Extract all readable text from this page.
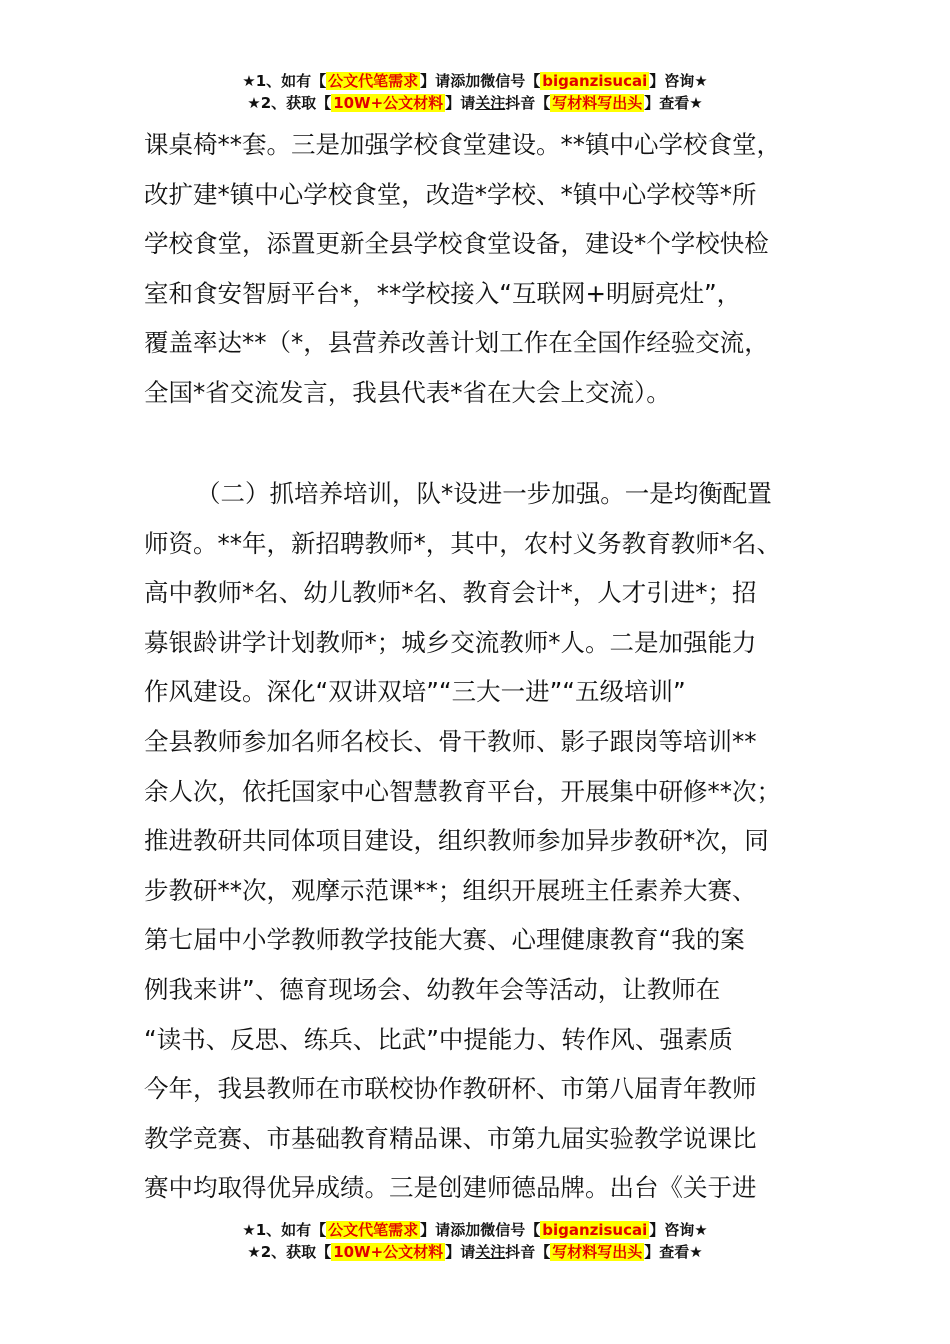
★1、如有【 公文代笔需求 】请添加微信号【 biganzisucai 】咨询★
★2、获取【 10W+公文材料 】请关注抖音【 写材料写出头 】查看★
课桌椅**套。三是加强学校食堂建设。**镇中心学校食堂，
改扩建*镇中心学校食堂，改造*学校、*镇中心学校等*所
学校食堂，添置更新全县学校食堂设备，建设*个学校快检
室和食安智厨平台*，**学校接入“互联网+明厨亮灶”，
覆盖率达**（*，县营养改善计划工作在全国作经验交流，
全国*省交流发言，我县代表*省在大会上交流）。
（二）抓培养培训，队*设进一步加强。一是均衡配置
师资。**年，新招聘教师*，其中，农村义务教育教师*名、
高中教师*名、幼儿教师*名、教育会计*，人才引进*；招
募银龄讲学计划教师*；城乡交流教师*人。二是加强能力
作风建设。深化“双讲双培”“三大一进”“五级培训”
全县教师参加名师名校长、骨干教师、影子跟岗等培训**
余人次，依托国家中心智慧教育平台，开展集中研修**次；
推进教研共同体项目建设，组织教师参加异步教研*次，同
步教研**次，观摩示范课**；组织开展班主任素养大赛、
第七届中小学教师教学技能大赛、心理健康教育“我的案
例我来讲”、德育现场会、幼教年会等活动，让教师在
“读书、反思、练兵、比武”中提能力、转作风、强素质
今年，我县教师在市联校协作教研杯、市第八届青年教师
教学竞赛、市基础教育精品课、市第九届实验教学说课比
赛中均取得优异成绩。三是创建师德品牌。出台《关于进
★1、如有【 公文代笔需求 】请添加微信号【 biganzisucai 】咨询★
★2、获取【 10W+公文材料 】请关注抖音【 写材料写出头 】查看★
